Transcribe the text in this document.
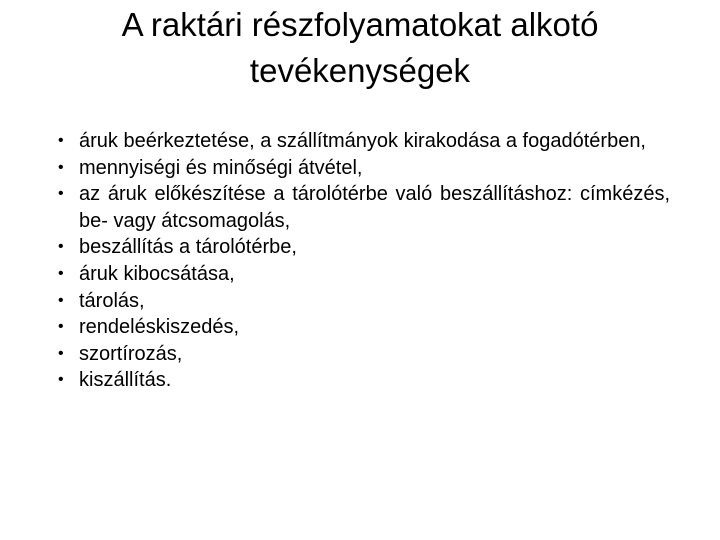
A raktári részfolyamatokat alkotó tevékenységek
• áruk beérkeztetése, a szállítmányok kirakodása a fogadótérben,
• mennyiségi és minőségi átvétel,
• az áruk előkészítése a tárolótérbe való beszállításhoz: címkézés, be- vagy átcsomagolás,
• beszállítás a tárolótérbe,
• áruk kibocsátása,
• tárolás,
• rendeléskiszedés,
• szortírozás,
• kiszállítás.
